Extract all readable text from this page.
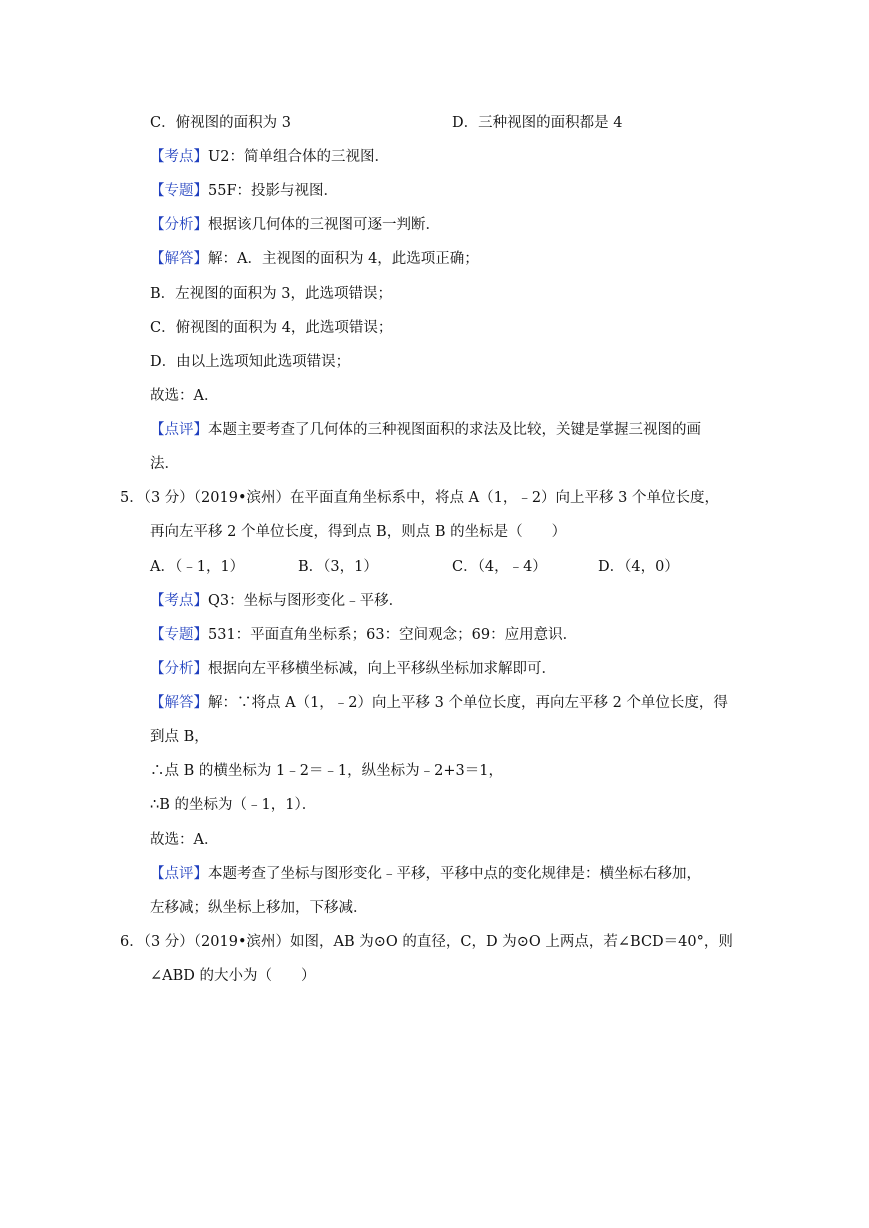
C．俯视图的面积为 3	D．三种视图的面积都是 4
【考点】U2：简单组合体的三视图．
【专题】55F：投影与视图．
【分析】根据该几何体的三视图可逐一判断．
【解答】解：A．主视图的面积为 4，此选项正确；
B．左视图的面积为 3，此选项错误；
C．俯视图的面积为 4，此选项错误；
D．由以上选项知此选项错误；
故选：A．
【点评】本题主要考查了几何体的三种视图面积的求法及比较，关键是掌握三视图的画
法．
5．（3 分）（2019•滨州）在平面直角坐标系中，将点 A（1，﹣2）向上平移 3 个单位长度，
再向左平移 2 个单位长度，得到点 B，则点 B 的坐标是（　　）
A．（﹣1，1）	B．（3，1）	C．（4，﹣4）	D．（4，0）
【考点】Q3：坐标与图形变化﹣平移．
【专题】531：平面直角坐标系；63：空间观念；69：应用意识．
【分析】根据向左平移横坐标减，向上平移纵坐标加求解即可．
【解答】解：∵将点 A（1，﹣2）向上平移 3 个单位长度，再向左平移 2 个单位长度，得
到点 B，
∴点 B 的横坐标为 1﹣2＝﹣1，纵坐标为﹣2+3＝1，
∴B 的坐标为（﹣1，1）．
故选：A．
【点评】本题考查了坐标与图形变化﹣平移，平移中点的变化规律是：横坐标右移加，
左移减；纵坐标上移加，下移减．
6．（3 分）（2019•滨州）如图，AB 为⊙O 的直径，C，D 为⊙O 上两点，若∠BCD＝40°，则
∠ABD 的大小为（　　）
